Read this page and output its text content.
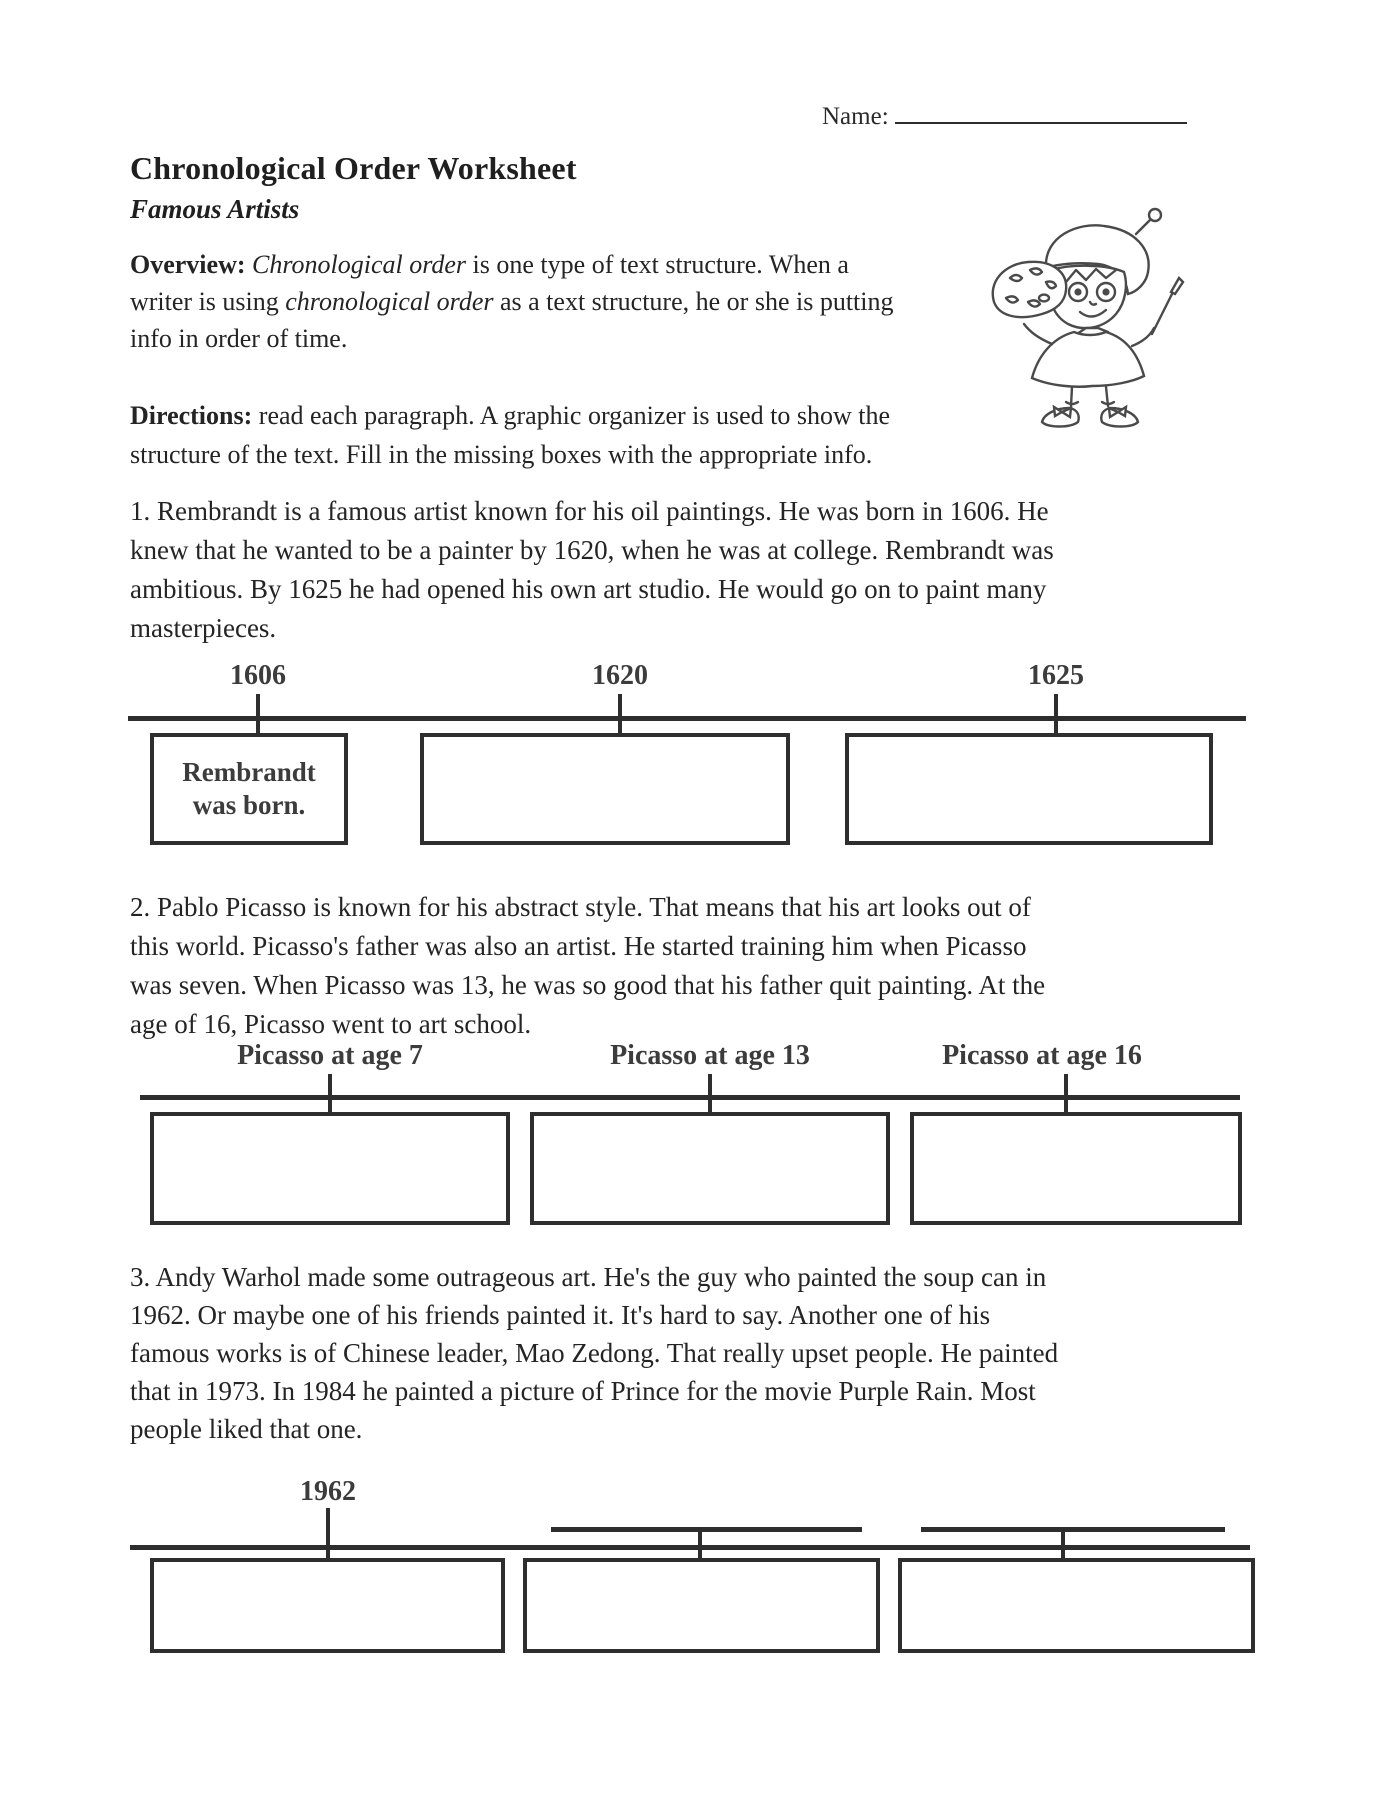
Name:
Chronological Order Worksheet
Famous Artists
Overview: Chronological order is one type of text structure. When a
writer is using chronological order as a text structure, he or she is putting
info in order of time.
Directions: read each paragraph. A graphic organizer is used to show the
structure of the text. Fill in the missing boxes with the appropriate info.
1. Rembrandt is a famous artist known for his oil paintings. He was born in 1606. He
knew that he wanted to be a painter by 1620, when he was at college. Rembrandt was
ambitious. By 1625 he had opened his own art studio. He would go on to paint many
masterpieces.
1606	1620	1625
Rembrandt was born.
2. Pablo Picasso is known for his abstract style. That means that his art looks out of
this world. Picasso's father was also an artist. He started training him when Picasso
was seven. When Picasso was 13, he was so good that his father quit painting. At the
age of 16, Picasso went to art school.
Picasso at age 7	Picasso at age 13	Picasso at age 16
3. Andy Warhol made some outrageous art. He's the guy who painted the soup can in
1962. Or maybe one of his friends painted it. It's hard to say. Another one of his
famous works is of Chinese leader, Mao Zedong. That really upset people. He painted
that in 1973. In 1984 he painted a picture of Prince for the movie Purple Rain. Most
people liked that one.
1962
